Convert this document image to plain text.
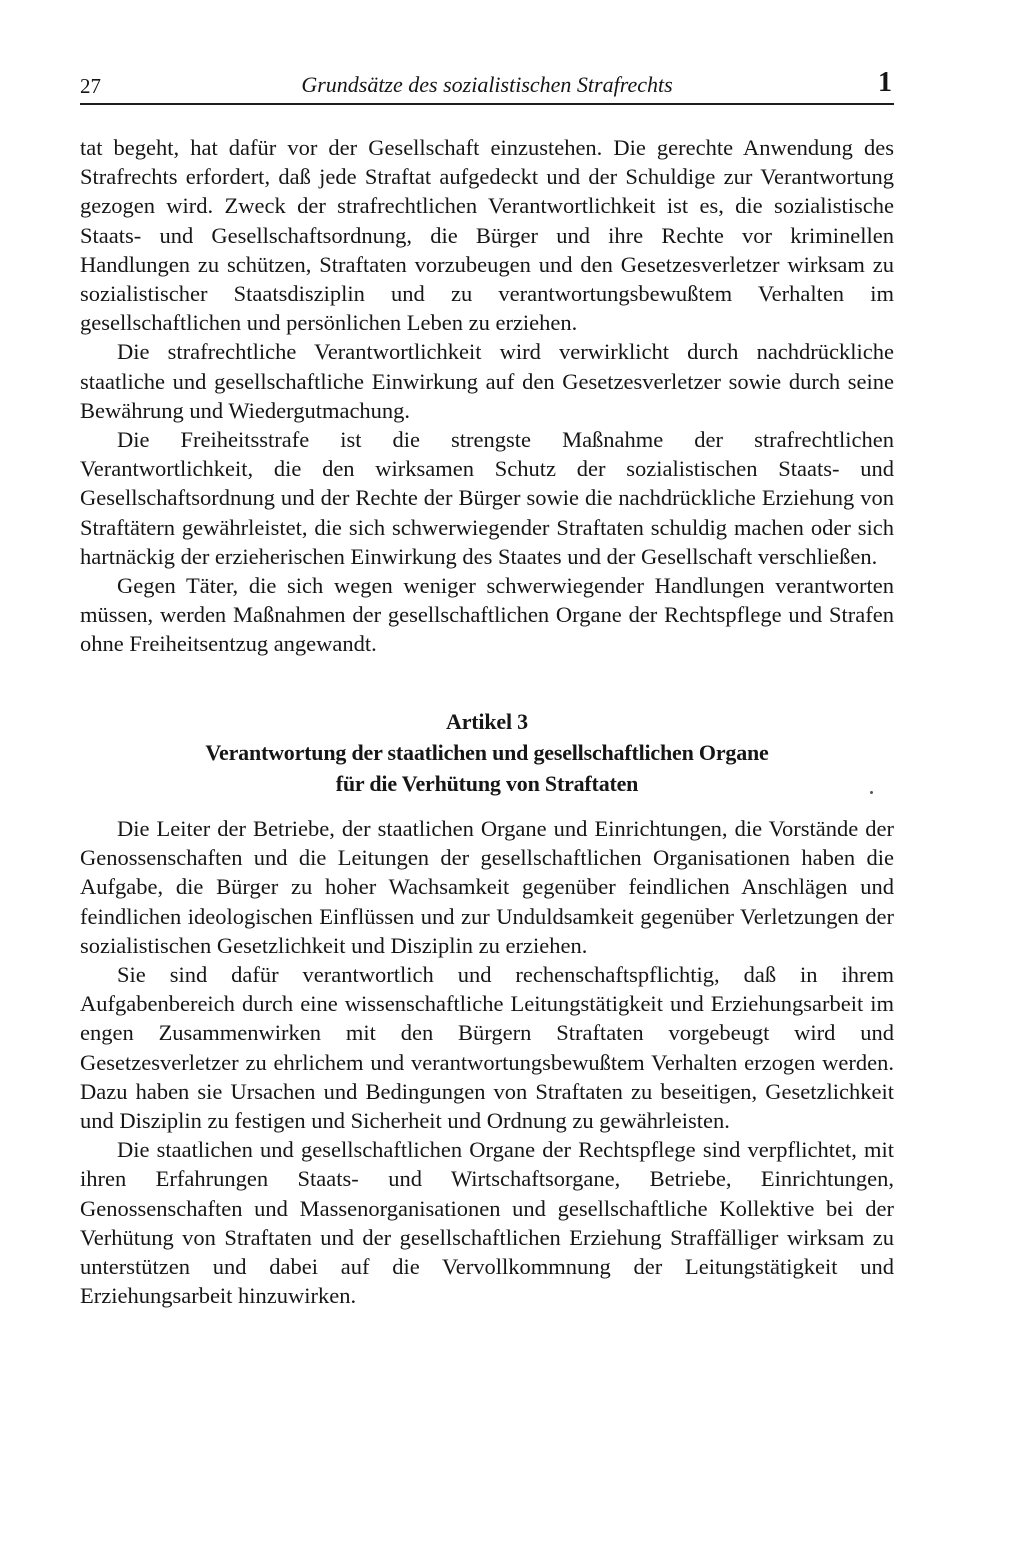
27	Grundsätze des sozialistischen Strafrechts	1

tat begeht, hat dafür vor der Gesellschaft einzustehen. Die gerechte Anwendung des Strafrechts erfordert, daß jede Straftat aufgedeckt und der Schuldige zur Verantwortung gezogen wird. Zweck der strafrechtlichen Verantwortlichkeit ist es, die sozialistische Staats- und Gesellschaftsordnung, die Bürger und ihre Rechte vor kriminellen Handlungen zu schützen, Straftaten vorzubeugen und den Gesetzesverletzer wirksam zu sozialistischer Staatsdisziplin und zu verantwortungsbewußtem Verhalten im gesellschaftlichen und persönlichen Leben zu erziehen.

Die strafrechtliche Verantwortlichkeit wird verwirklicht durch nachdrückliche staatliche und gesellschaftliche Einwirkung auf den Gesetzesverletzer sowie durch seine Bewährung und Wiedergutmachung.

Die Freiheitsstrafe ist die strengste Maßnahme der strafrechtlichen Verantwortlichkeit, die den wirksamen Schutz der sozialistischen Staats- und Gesellschaftsordnung und der Rechte der Bürger sowie die nachdrückliche Erziehung von Straftätern gewährleistet, die sich schwerwiegender Straftaten schuldig machen oder sich hartnäckig der erzieherischen Einwirkung des Staates und der Gesellschaft verschließen.

Gegen Täter, die sich wegen weniger schwerwiegender Handlungen verantworten müssen, werden Maßnahmen der gesellschaftlichen Organe der Rechtspflege und Strafen ohne Freiheitsentzug angewandt.

Artikel 3
Verantwortung der staatlichen und gesellschaftlichen Organe
für die Verhütung von Straftaten

Die Leiter der Betriebe, der staatlichen Organe und Einrichtungen, die Vorstände der Genossenschaften und die Leitungen der gesellschaftlichen Organisationen haben die Aufgabe, die Bürger zu hoher Wachsamkeit gegenüber feindlichen Anschlägen und feindlichen ideologischen Einflüssen und zur Unduldsamkeit gegenüber Verletzungen der sozialistischen Gesetzlichkeit und Disziplin zu erziehen.

Sie sind dafür verantwortlich und rechenschaftspflichtig, daß in ihrem Aufgabenbereich durch eine wissenschaftliche Leitungstätigkeit und Erziehungsarbeit im engen Zusammenwirken mit den Bürgern Straftaten vorgebeugt wird und Gesetzesverletzer zu ehrlichem und verantwortungsbewußtem Verhalten erzogen werden. Dazu haben sie Ursachen und Bedingungen von Straftaten zu beseitigen, Gesetzlichkeit und Disziplin zu festigen und Sicherheit und Ordnung zu gewährleisten.

Die staatlichen und gesellschaftlichen Organe der Rechtspflege sind verpflichtet, mit ihren Erfahrungen Staats- und Wirtschaftsorgane, Betriebe, Einrichtungen, Genossenschaften und Massenorganisationen und gesellschaftliche Kollektive bei der Verhütung von Straftaten und der gesellschaftlichen Erziehung Straffälliger wirksam zu unterstützen und dabei auf die Vervollkommnung der Leitungstätigkeit und Erziehungsarbeit hinzuwirken.
